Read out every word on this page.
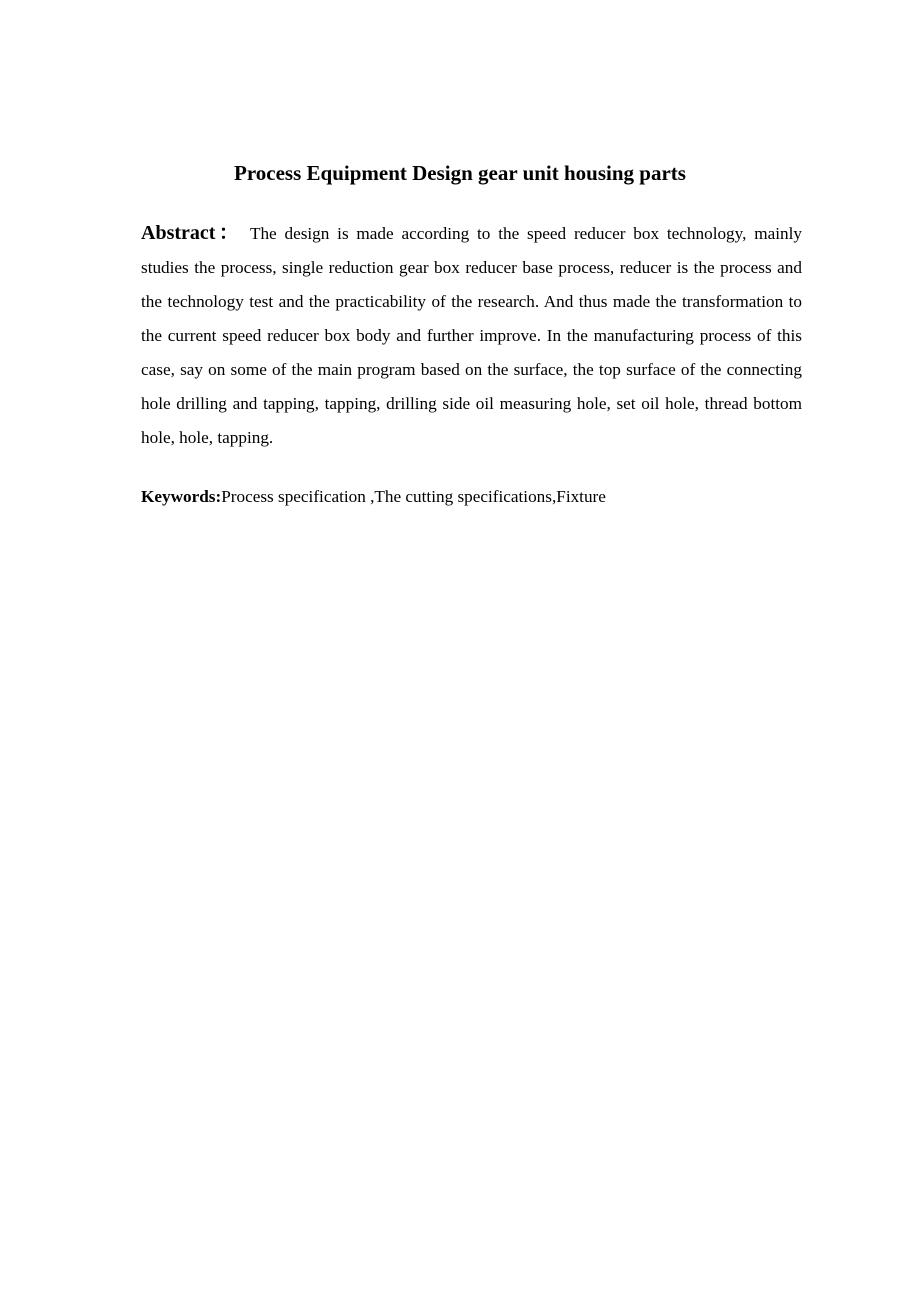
Process Equipment Design gear unit housing parts

Abstract： The design is made according to the speed reducer box technology, mainly studies the process, single reduction gear box reducer base process, reducer is the process and the technology test and the practicability of the research. And thus made the transformation to the current speed reducer box body and further improve. In the manufacturing process of this case, say on some of the main program based on the surface, the top surface of the connecting hole drilling and tapping, tapping, drilling side oil measuring hole, set oil hole, thread bottom hole, hole, tapping.

Keywords:Process specification ,The cutting specifications,Fixture
